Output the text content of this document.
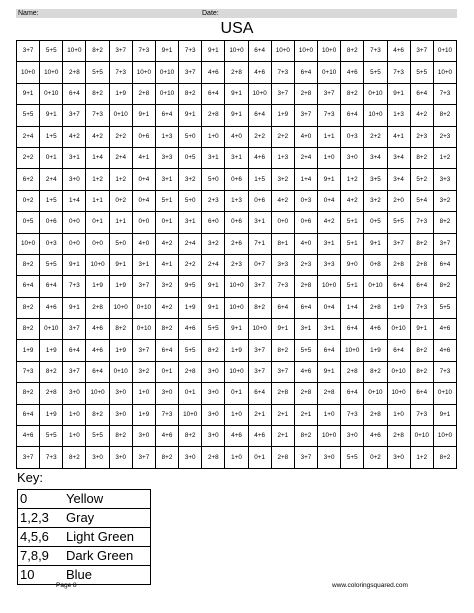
Name:	Date:
USA
3+7	5+5	10+0	8+2	3+7	7+3	9+1	7+3	9+1	10+0	6+4	10+0	10+0	10+0	8+2	7+3	4+6	3+7	0+10
10+0	10+0	2+8	5+5	7+3	10+0	0+10	3+7	4+6	2+8	4+6	7+3	6+4	0+10	4+6	5+5	7+3	5+5	10+0
9+1	0+10	6+4	8+2	1+9	2+8	0+10	8+2	6+4	9+1	10+0	3+7	2+8	3+7	8+2	0+10	9+1	6+4	7+3
5+5	9+1	3+7	7+3	0+10	9+1	6+4	9+1	2+8	9+1	6+4	1+9	3+7	7+3	6+4	10+0	1+3	4+2	8+2
2+4	1+5	4+2	4+2	2+2	0+6	1+3	5+0	1+0	4+0	2+2	2+2	4+0	1+1	0+3	2+2	4+1	2+3	2+3
2+2	0+1	3+1	1+4	2+4	4+1	3+3	0+5	3+1	3+1	4+6	1+3	2+4	1+0	3+0	3+4	3+4	8+2	1+2
6+2	2+4	3+0	1+2	1+2	0+4	3+1	3+2	5+0	0+6	1+5	3+2	1+4	9+1	1+2	3+5	3+4	5+2	3+3
0+2	1+5	1+4	1+1	0+2	0+4	5+1	5+0	2+3	1+3	0+6	4+2	0+3	0+4	4+2	3+2	2+0	5+4	3+2
0+5	0+6	0+0	0+1	1+1	0+0	0+1	3+1	6+0	0+6	3+1	0+0	0+6	4+2	5+1	0+5	5+5	7+3	8+2
10+0	0+3	0+0	0+0	5+0	4+0	4+2	2+4	3+2	2+6	7+1	8+1	4+0	3+1	5+1	9+1	3+7	8+2	3+7
8+2	5+5	9+1	10+0	9+1	3+1	4+1	2+2	2+4	2+3	0+7	3+3	2+3	3+3	9+0	0+8	2+8	2+8	6+4
6+4	6+4	7+3	1+9	1+9	3+7	3+2	9+5	9+1	10+0	3+7	7+3	2+8	10+0	5+1	0+10	6+4	6+4	8+2
8+2	4+6	9+1	2+8	10+0	0+10	4+2	1+9	9+1	10+0	8+2	6+4	6+4	0+4	1+4	2+8	1+9	7+3	5+5
8+2	0+10	3+7	4+6	8+2	0+10	8+2	4+6	5+5	9+1	10+0	9+1	3+1	3+1	6+4	4+6	0+10	9+1	4+6
1+9	1+9	6+4	4+6	1+9	3+7	6+4	5+5	8+2	1+9	3+7	8+2	5+5	6+4	10+0	1+9	6+4	8+2	4+6
7+3	8+2	3+7	6+4	0+10	3+2	0+1	2+8	3+0	10+0	3+7	3+7	4+6	9+1	2+8	8+2	0+10	8+2	7+3
8+2	2+8	3+0	10+0	3+0	1+0	3+0	0+1	3+0	0+1	6+4	2+8	2+8	2+8	6+4	0+10	10+0	6+4	0+10
6+4	1+9	1+0	8+2	3+0	1+9	7+3	10+0	3+0	1+0	2+1	2+1	2+1	1+0	7+3	2+8	1+0	7+3	9+1
4+6	5+5	1+0	5+5	8+2	3+0	4+6	8+2	3+0	4+6	4+6	2+1	8+2	10+0	3+0	4+6	2+8	0+10	10+0
3+7	7+3	8+2	3+0	3+0	3+7	8+2	3+0	2+8	1+0	0+1	2+8	3+7	3+0	5+5	0+2	3+0	1+2	8+2
Key:
0	Yellow
1,2,3	Gray
4,5,6	Light Green
7,8,9	Dark Green
10	Blue
Page 8	www.coloringsquared.com
